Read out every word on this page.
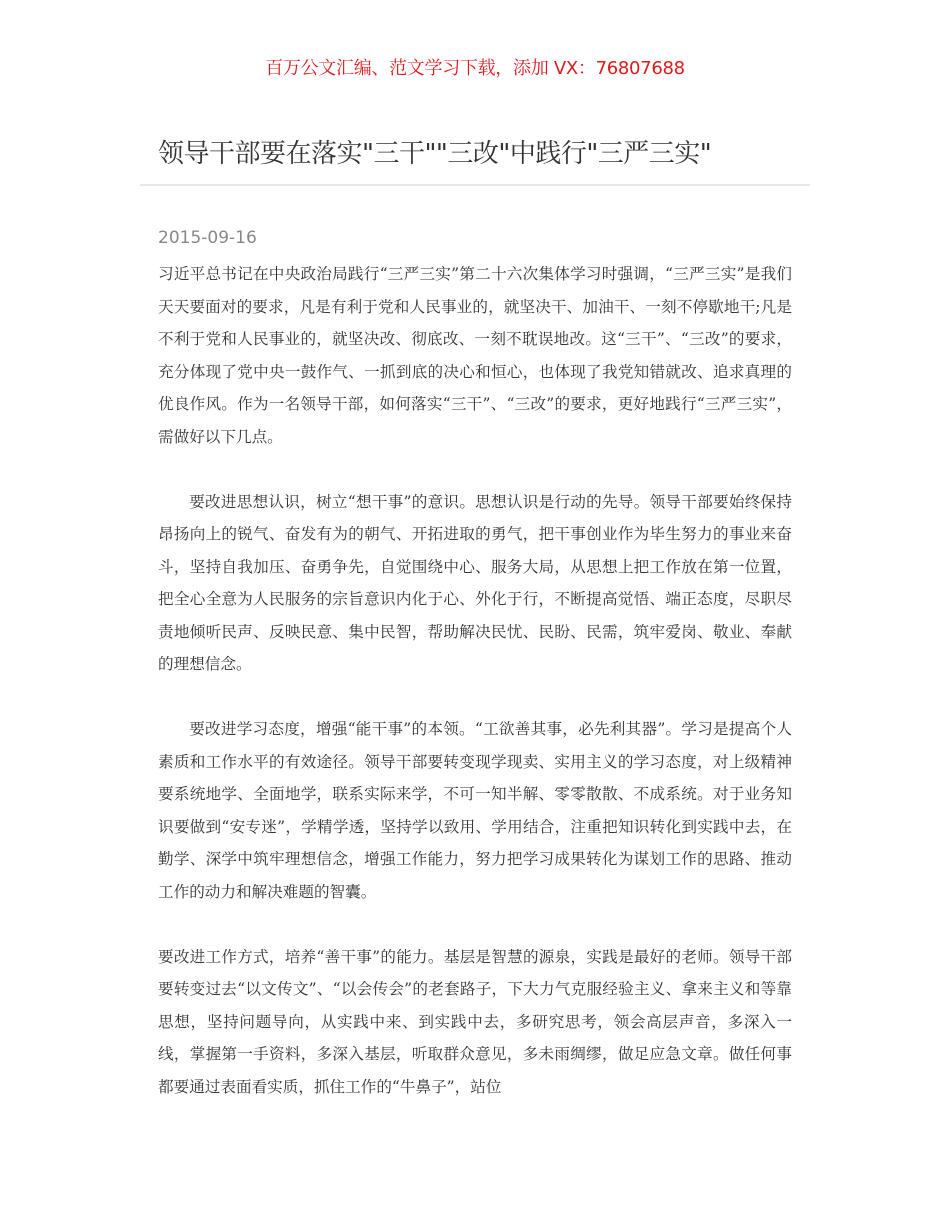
百万公文汇编、范文学习下载，添加 VX：76807688
领导干部要在落实"三干""三改"中践行"三严三实"
2015-09-16

习近平总书记在中央政治局践行“三严三实”第二十六次集体学习时强调，“三严三实”是我们天天要面对的要求，凡是有利于党和人民事业的，就坚决干、加油干、一刻不停歇地干;凡是不利于党和人民事业的，就坚决改、彻底改、一刻不耽误地改。这“三干”、“三改”的要求，充分体现了党中央一鼓作气、一抓到底的决心和恒心，也体现了我党知错就改、追求真理的优良作风。作为一名领导干部，如何落实“三干”、“三改”的要求，更好地践行“三严三实”，需做好以下几点。

要改进思想认识，树立“想干事”的意识。思想认识是行动的先导。领导干部要始终保持昂扬向上的锐气、奋发有为的朝气、开拓进取的勇气，把干事创业作为毕生努力的事业来奋斗，坚持自我加压、奋勇争先，自觉围绕中心、服务大局，从思想上把工作放在第一位置，把全心全意为人民服务的宗旨意识内化于心、外化于行，不断提高觉悟、端正态度，尽职尽责地倾听民声、反映民意、集中民智，帮助解决民忧、民盼、民需，筑牢爱岗、敬业、奉献的理想信念。

要改进学习态度，增强“能干事”的本领。“工欲善其事，必先利其器”。学习是提高个人素质和工作水平的有效途径。领导干部要转变现学现卖、实用主义的学习态度，对上级精神要系统地学、全面地学，联系实际来学，不可一知半解、零零散散、不成系统。对于业务知识要做到“安专迷”，学精学透，坚持学以致用、学用结合，注重把知识转化到实践中去，在勤学、深学中筑牢理想信念，增强工作能力，努力把学习成果转化为谋划工作的思路、推动工作的动力和解决难题的智囊。

要改进工作方式，培养“善干事”的能力。基层是智慧的源泉，实践是最好的老师。领导干部要转变过去“以文传文”、“以会传会”的老套路子，下大力气克服经验主义、拿来主义和等靠思想，坚持问题导向，从实践中来、到实践中去，多研究思考，领会高层声音，多深入一线，掌握第一手资料，多深入基层，听取群众意见，多未雨绸缪，做足应急文章。做任何事都要通过表面看实质，抓住工作的“牛鼻子”，站位
